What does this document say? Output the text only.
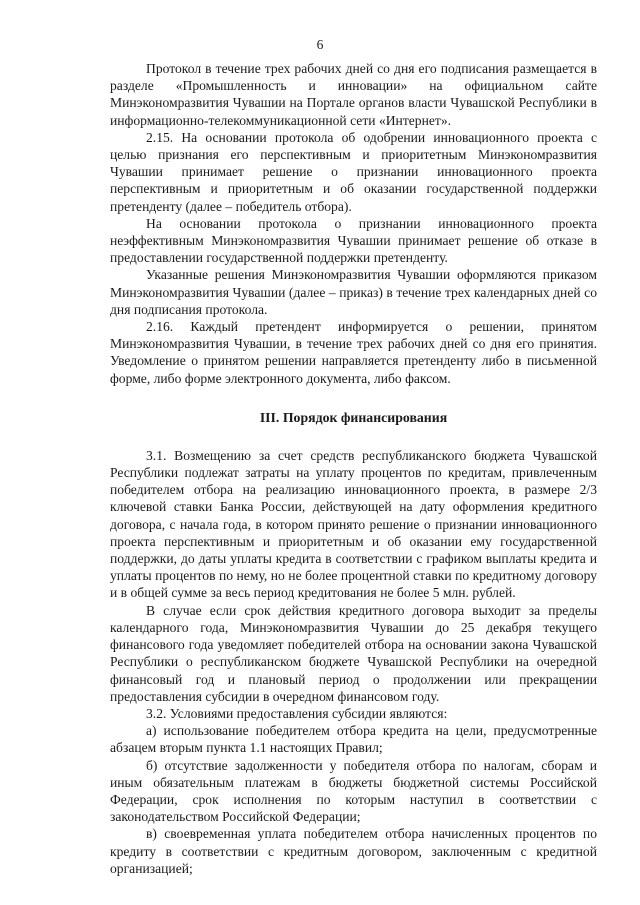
6

Протокол в течение трех рабочих дней со дня его подписания размещается в разделе «Промышленность и инновации» на официальном сайте Минэкономразвития Чувашии на Портале органов власти Чувашской Республики в информационно-телекоммуникационной сети «Интернет».

2.15. На основании протокола об одобрении инновационного проекта с целью признания его перспективным и приоритетным Минэкономразвития Чувашии принимает решение о признании инновационного проекта перспективным и приоритетным и об оказании государственной поддержки претенденту (далее – победитель отбора).

На основании протокола о признании инновационного проекта неэффективным Минэкономразвития Чувашии принимает решение об отказе в предоставлении государственной поддержки претенденту.

Указанные решения Минэкономразвития Чувашии оформляются приказом Минэкономразвития Чувашии (далее – приказ) в течение трех календарных дней со дня подписания протокола.

2.16. Каждый претендент информируется о решении, принятом Минэкономразвития Чувашии, в течение трех рабочих дней со дня его принятия. Уведомление о принятом решении направляется претенденту либо в письменной форме, либо форме электронного документа, либо факсом.

III. Порядок финансирования

3.1. Возмещению за счет средств республиканского бюджета Чувашской Республики подлежат затраты на уплату процентов по кредитам, привлеченным победителем отбора на реализацию инновационного проекта, в размере 2/3 ключевой ставки Банка России, действующей на дату оформления кредитного договора, с начала года, в котором принято решение о признании инновационного проекта перспективным и приоритетным и об оказании ему государственной поддержки, до даты уплаты кредита в соответствии с графиком выплаты кредита и уплаты процентов по нему, но не более процентной ставки по кредитному договору и в общей сумме за весь период кредитования не более 5 млн. рублей.

В случае если срок действия кредитного договора выходит за пределы календарного года, Минэкономразвития Чувашии до 25 декабря текущего финансового года уведомляет победителей отбора на основании закона Чувашской Республики о республиканском бюджете Чувашской Республики на очередной финансовый год и плановый период о продолжении или прекращении предоставления субсидии в очередном финансовом году.

3.2. Условиями предоставления субсидии являются:

а) использование победителем отбора кредита на цели, предусмотренные абзацем вторым пункта 1.1 настоящих Правил;

б) отсутствие задолженности у победителя отбора по налогам, сборам и иным обязательным платежам в бюджеты бюджетной системы Российской Федерации, срок исполнения по которым наступил в соответствии с законодательством Российской Федерации;

в) своевременная уплата победителем отбора начисленных процентов по кредиту в соответствии с кредитным договором, заключенным с кредитной организацией;
